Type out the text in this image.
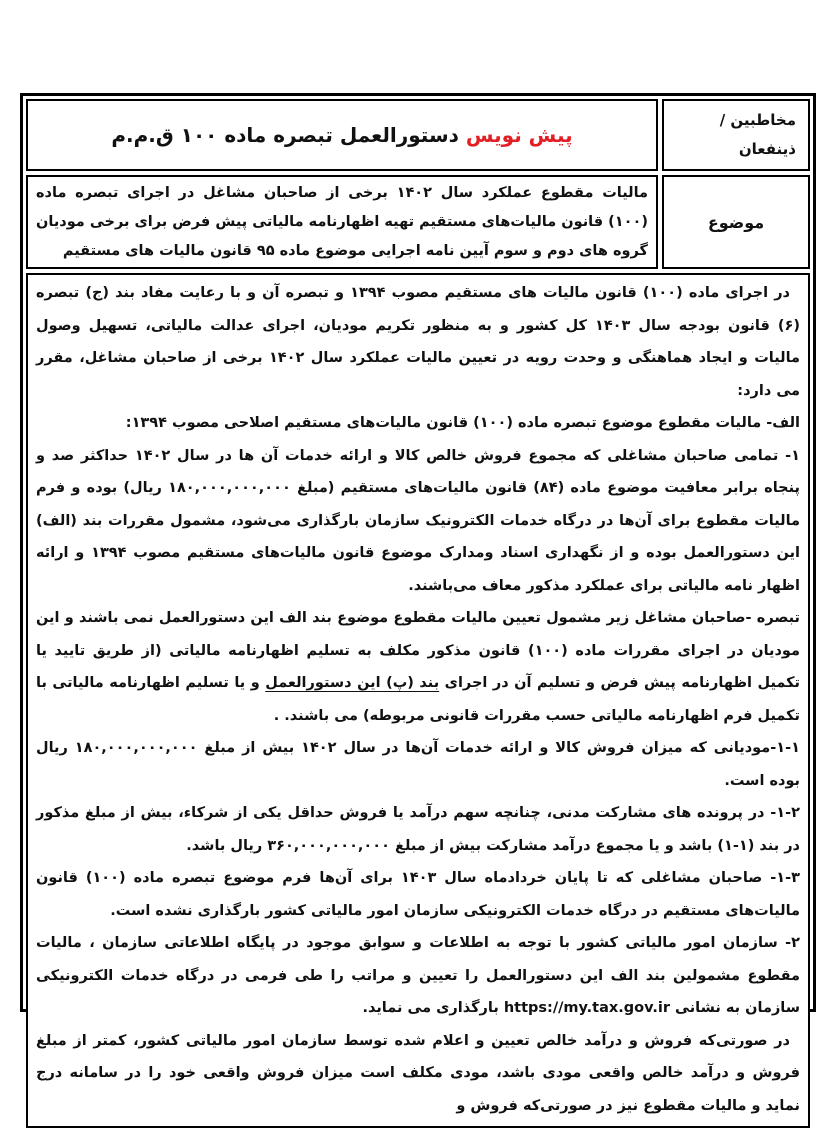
مخاطبین /
ذینفعان
پیش نویس دستورالعمل تبصره ماده ۱۰۰ ق.م.م
موضوع
مالیات مقطوع عملکرد سال ۱۴۰۲ برخی از صاحبان مشاغل در اجرای تبصره ماده (۱۰۰) قانون مالیات‌های مستقیم تهیه اظهارنامه مالیاتی پیش فرض برای برخی مودیان گروه های دوم و سوم آیین نامه اجرایی موضوع ماده ۹۵ قانون مالیات های مستقیم

در اجرای ماده (۱۰۰) قانون مالیات های مستقیم مصوب ۱۳۹۴ و تبصره آن و با رعایت مفاد بند (ج) تبصره (۶) قانون بودجه سال ۱۴۰۳ کل کشور و به منظور تکریم مودیان، اجرای عدالت مالیاتی، تسهیل وصول مالیات و ایجاد هماهنگی و وحدت رویه در تعیین مالیات عملکرد سال ۱۴۰۲ برخی از صاحبان مشاغل، مقرر می دارد:

الف- مالیات مقطوع موضوع تبصره ماده (۱۰۰) قانون مالیات‌های مستقیم اصلاحی مصوب ۱۳۹۴:

۱- تمامی صاحبان مشاغلی که مجموع فروش خالص کالا و ارائه خدمات آن ها در سال ۱۴۰۲ حداکثر صد و پنجاه برابر معافیت موضوع ماده (۸۴) قانون مالیات‌های مستقیم (مبلغ ۱۸۰,۰۰۰,۰۰۰,۰۰۰ ریال) بوده و فرم مالیات مقطوع برای آن‌ها در درگاه خدمات الکترونیک سازمان بارگذاری می‌شود، مشمول مقررات بند (الف) این دستورالعمل بوده و از نگهداری اسناد ومدارک موضوع قانون مالیات‌های مستقیم مصوب ۱۳۹۴ و ارائه اظهار نامه مالیاتی برای عملکرد مذکور معاف می‌باشند.

تبصره -صاحبان مشاغل زیر مشمول تعیین مالیات مقطوع موضوع بند الف این دستورالعمل نمی باشند و این مودیان در اجرای مقررات ماده (۱۰۰) قانون مذکور مکلف به تسلیم اظهارنامه مالیاتی (از طریق تایید یا تکمیل اظهارنامه پیش فرض و تسلیم آن در اجرای بند (پ) این دستورالعمل و یا تسلیم اظهارنامه مالیاتی با تکمیل فرم اظهارنامه مالیاتی حسب مقررات قانونی مربوطه) می باشند. .

۱-۱-مودیانی که میزان فروش کالا و ارائه خدمات آن‌ها در سال ۱۴۰۲ بیش از مبلغ ۱۸۰,۰۰۰,۰۰۰,۰۰۰ ریال بوده است.

۱-۲- در پرونده های مشارکت مدنی، چنانچه سهم درآمد یا فروش حداقل یکی از شرکاء، بیش از مبلغ مذکور در بند (۱-۱) باشد و یا مجموع درآمد مشارکت بیش از مبلغ ۳۶۰,۰۰۰,۰۰۰,۰۰۰ ریال باشد.

۱-۳- صاحبان مشاغلی که تا پایان خردادماه سال ۱۴۰۳ برای آن‌ها فرم موضوع تبصره ماده (۱۰۰) قانون مالیات‌های مستقیم در درگاه خدمات الکترونیکی سازمان امور مالیاتی کشور بارگذاری نشده است.

۲- سازمان امور مالیاتی کشور با توجه به اطلاعات و سوابق موجود در پایگاه اطلاعاتی سازمان ، مالیات مقطوع مشمولین بند الف این دستورالعمل را تعیین و مراتب را طی فرمی در درگاه خدمات الکترونیکی سازمان به نشانی https://my.tax.gov.ir بارگذاری می نماید.

در صورتی‌که فروش و درآمد خالص تعیین و اعلام شده توسط سازمان امور مالیاتی کشور، کمتر از مبلغ فروش و درآمد خالص واقعی مودی باشد، مودی مکلف است میزان فروش واقعی خود را در سامانه درج نماید و مالیات مقطوع نیز در صورتی‌که فروش و
